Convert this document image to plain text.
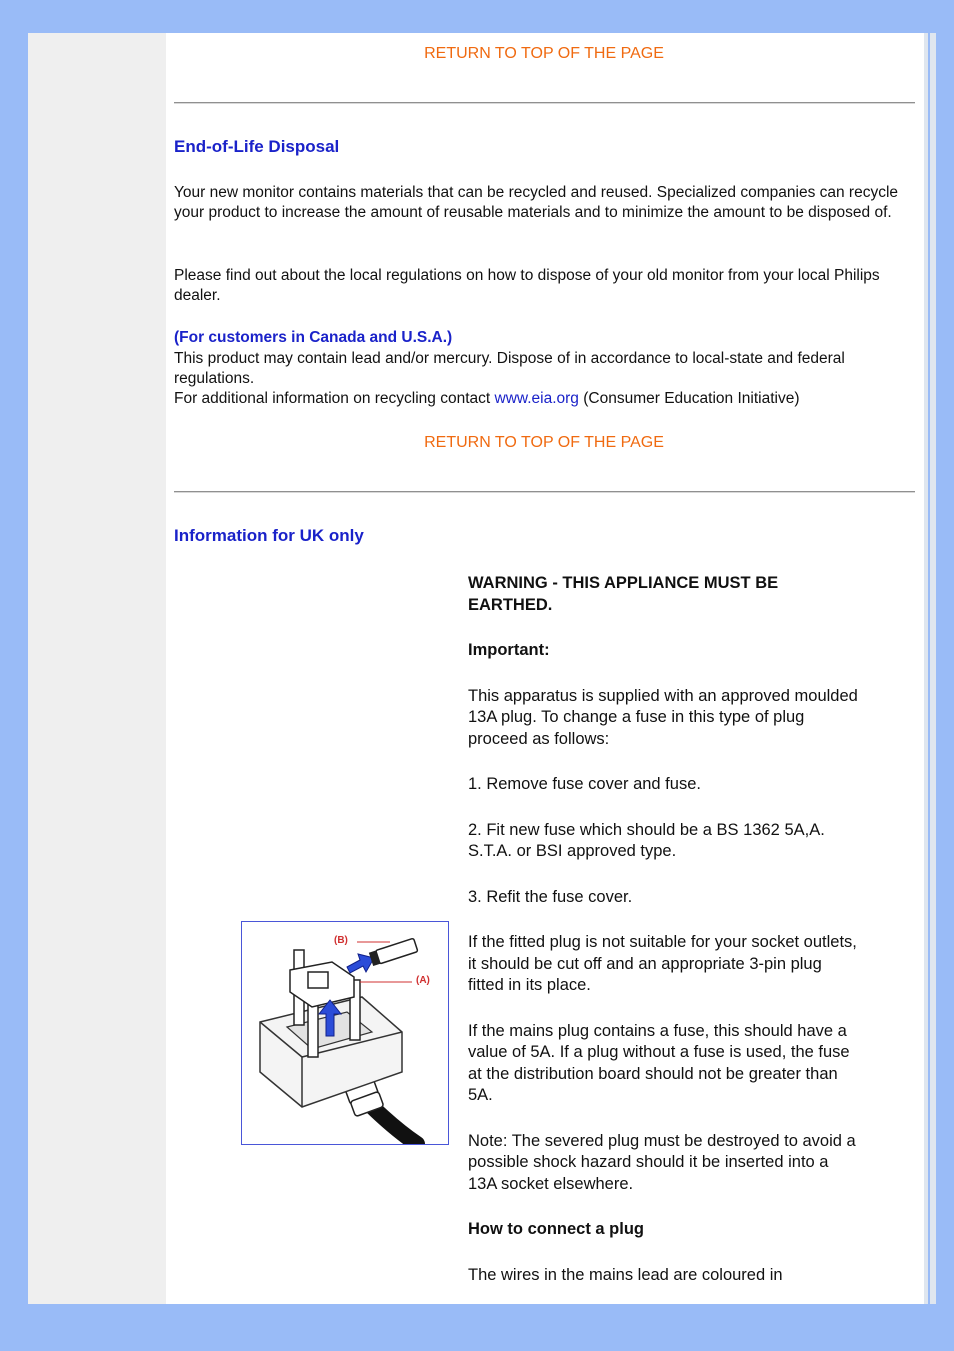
RETURN TO TOP OF THE PAGE
End-of-Life Disposal
Your new monitor contains materials that can be recycled and reused. Specialized companies can recycle your product to increase the amount of reusable materials and to minimize the amount to be disposed of.
Please find out about the local regulations on how to dispose of your old monitor from your local Philips dealer.
(For customers in Canada and U.S.A.)
This product may contain lead and/or mercury. Dispose of in accordance to local-state and federal regulations.
For additional information on recycling contact www.eia.org (Consumer Education Initiative)
RETURN TO TOP OF THE PAGE
Information for UK only
(B)
(A)

WARNING - THIS APPLIANCE MUST BE EARTHED.

Important:

This apparatus is supplied with an approved moulded 13A plug. To change a fuse in this type of plug proceed as follows:

1. Remove fuse cover and fuse.

2. Fit new fuse which should be a BS 1362 5A,A. S.T.A. or BSI approved type.

3. Refit the fuse cover.

If the fitted plug is not suitable for your socket outlets, it should be cut off and an appropriate 3-pin plug fitted in its place.

If the mains plug contains a fuse, this should have a value of 5A. If a plug without a fuse is used, the fuse at the distribution board should not be greater than 5A.

Note: The severed plug must be destroyed to avoid a possible shock hazard should it be inserted into a 13A socket elsewhere.

How to connect a plug

The wires in the mains lead are coloured in
